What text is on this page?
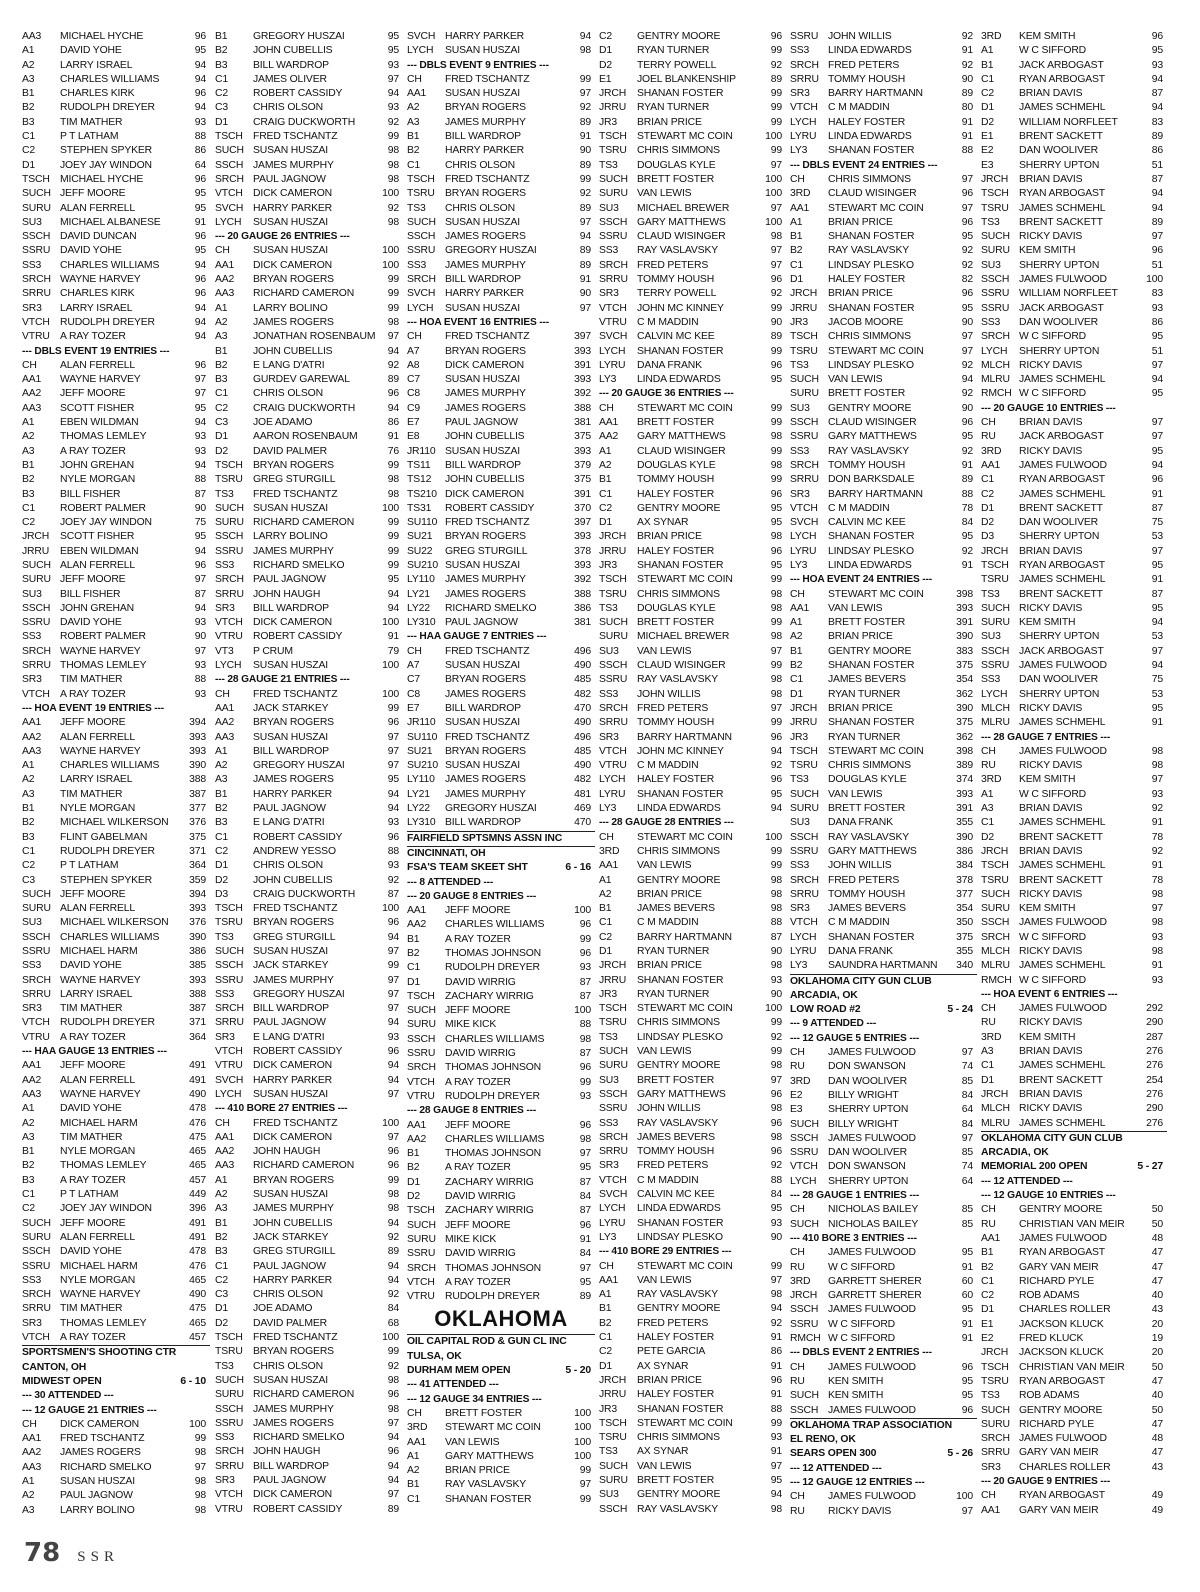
AA3 MICHAEL HYCHE	96
A1 DAVID YOHE	95
A2 LARRY ISRAEL	94
A3 CHARLES WILLIAMS	94
B1 CHARLES KIRK	96
B2 RUDOLPH DREYER	94
B3 TIM MATHER	93
C1 P T LATHAM	88
C2 STEPHEN SPYKER	86
D1 JOEY JAY WINDON	64
TSCH MICHAEL HYCHE	96
SUCH JEFF MOORE	95
SURU ALAN FERRELL	95
SU3 MICHAEL ALBANESE	91
SSCH DAVID DUNCAN	96
SSRU DAVID YOHE	95
SS3 CHARLES WILLIAMS	94
SRCH WAYNE HARVEY	96
SRRU CHARLES KIRK	96
SR3 LARRY ISRAEL	94
VTCH RUDOLPH DREYER	94
VTRU A RAY TOZER	94
--- DBLS EVENT 19 ENTRIES ---
CH ALAN FERRELL	96
AA1 WAYNE HARVEY	97
AA2 JEFF MOORE	97
AA3 SCOTT FISHER	95
A1 EBEN WILDMAN	94
A2 THOMAS LEMLEY	93
A3 A RAY TOZER	93
B1 JOHN GREHAN	94
B2 NYLE MORGAN	88
B3 BILL FISHER	87
C1 ROBERT PALMER	90
C2 JOEY JAY WINDON	75
JRCH SCOTT FISHER	95
JRRU EBEN WILDMAN	94
SUCH ALAN FERRELL	96
SURU JEFF MOORE	97
SU3 BILL FISHER	87
SSCH JOHN GREHAN	94
SSRU DAVID YOHE	93
SS3 ROBERT PALMER	90
SRCH WAYNE HARVEY	97
SRRU THOMAS LEMLEY	93
SR3 TIM MATHER	88
VTCH A RAY TOZER	93
--- HOA EVENT 19 ENTRIES ---
AA1 JEFF MOORE	394
AA2 ALAN FERRELL	393
AA3 WAYNE HARVEY	393
A1 CHARLES WILLIAMS	390
A2 LARRY ISRAEL	388
A3 TIM MATHER	387
B1 NYLE MORGAN	377
B2 MICHAEL WILKERSON 376
B3 FLINT GABELMAN	375
C1 RUDOLPH DREYER	371
C2 P T LATHAM	364
C3 STEPHEN SPYKER	359
SUCH JEFF MOORE	394
SURU ALAN FERRELL	393
SU3 MICHAEL WILKERSON 376
SSCH CHARLES WILLIAMS	390
SSRU MICHAEL HARM	386
SS3 DAVID YOHE	385
SRCH WAYNE HARVEY	393
SRRU LARRY ISRAEL	388
SR3 TIM MATHER	387
VTCH RUDOLPH DREYER	371
VTRU A RAY TOZER	364
--- HAA GAUGE 13 ENTRIES ---
AA1 JEFF MOORE	491
AA2 ALAN FERRELL	491
AA3 WAYNE HARVEY	490
A1 DAVID YOHE	478
A2 MICHAEL HARM	476
A3 TIM MATHER	475
B1 NYLE MORGAN	465
B2 THOMAS LEMLEY	465
B3 A RAY TOZER	457
C1 P T LATHAM	449
C2 JOEY JAY WINDON	396
SUCH JEFF MOORE	491
SURU ALAN FERRELL	491
SSCH DAVID YOHE	478
SSRU MICHAEL HARM	476
SS3 NYLE MORGAN	465
SRCH WAYNE HARVEY	490
SRRU TIM MATHER	475
SR3 THOMAS LEMLEY	465
VTCH A RAY TOZER	457
SPORTSMEN'S SHOOTING CTR
CANTON, OH
MIDWEST OPEN	6 - 10
--- 30 ATTENDED ---
--- 12 GAUGE 21 ENTRIES ---
CH DICK CAMERON	100
AA1 FRED TSCHANTZ	99
AA2 JAMES ROGERS	98
AA3 RICHARD SMELKO	97
A1 SUSAN HUSZAI	98
A2 PAUL JAGNOW	98
A3 LARRY BOLINO	98
B1 GREGORY HUSZAI	95
B2 JOHN CUBELLIS	95
B3 BILL WARDROP	93
C1 JAMES OLIVER	97
C2 ROBERT CASSIDY	94
C3 CHRIS OLSON	93
D1 CRAIG DUCKWORTH	92
TSCH FRED TSCHANTZ	99
SUCH SUSAN HUSZAI	98
SSCH JAMES MURPHY	98
SRCH PAUL JAGNOW	98
VTCH DICK CAMERON	100
SVCH HARRY PARKER	92
LYCH SUSAN HUSZAI	98
--- 20 GAUGE 26 ENTRIES ---
CH SUSAN HUSZAI	100
AA1 DICK CAMERON	100
AA2 BRYAN ROGERS	99
AA3 RICHARD CAMERON	99
A1 LARRY BOLINO	99
A2 JAMES ROGERS	98
A3 JONATHAN ROSENBAUM 97
B1 JOHN CUBELLIS	94
B2 E LANG D'ATRI	92
B3 GURDEV GAREWAL	89
C1 CHRIS OLSON	96
C2 CRAIG DUCKWORTH	94
C3 JOE ADAMO	86
D1 AARON ROSENBAUM	91
D2 DAVID PALMER	76
TSCH BRYAN ROGERS	99
TSRU GREG STURGILL	98
TS3 FRED TSCHANTZ	98
SUCH SUSAN HUSZAI	100
SURU RICHARD CAMERON	99
SSCH LARRY BOLINO	99
SSRU JAMES MURPHY	99
SS3 RICHARD SMELKO	99
SRCH PAUL JAGNOW	95
SRRU JOHN HAUGH	94
SR3 BILL WARDROP	94
VTCH DICK CAMERON	100
VTRU ROBERT CASSIDY	91
VT3 P CRUM	79
LYCH SUSAN HUSZAI	100
--- 28 GAUGE 21 ENTRIES ---
CH FRED TSCHANTZ	100
AA1 JACK STARKEY	99
AA2 BRYAN ROGERS	96
AA3 SUSAN HUSZAI	97
A1 BILL WARDROP	97
A2 GREGORY HUSZAI	97
A3 JAMES ROGERS	95
B1 HARRY PARKER	94
B2 PAUL JAGNOW	94
B3 E LANG D'ATRI	93
C1 ROBERT CASSIDY	96
C2 ANDREW YESSO	88
D1 CHRIS OLSON	93
D2 JOHN CUBELLIS	92
D3 CRAIG DUCKWORTH	87
TSCH FRED TSCHANTZ	100
TSRU BRYAN ROGERS	96
TS3 GREG STURGILL	94
SUCH SUSAN HUSZAI	97
SSCH JACK STARKEY	99
SSRU JAMES MURPHY	97
SS3 GREGORY HUSZAI	97
SRCH BILL WARDROP	97
SRRU PAUL JAGNOW	94
SR3 E LANG D'ATRI	93
VTCH ROBERT CASSIDY	96
VTRU DICK CAMERON	94
SVCH HARRY PARKER	94
LYCH SUSAN HUSZAI	97
--- 410 BORE 27 ENTRIES ---
CH FRED TSCHANTZ	100
AA1 DICK CAMERON	97
AA2 JOHN HAUGH	96
AA3 RICHARD CAMERON	96
A1 BRYAN ROGERS	99
A2 SUSAN HUSZAI	98
A3 JAMES MURPHY	98
B1 JOHN CUBELLIS	94
B2 JACK STARKEY	92
B3 GREG STURGILL	89
C1 PAUL JAGNOW	94
C2 HARRY PARKER	94
C3 CHRIS OLSON	92
D1 JOE ADAMO	84
D2 DAVID PALMER	68
TSCH FRED TSCHANTZ	100
TSRU BRYAN ROGERS	99
TS3 CHRIS OLSON	92
SUCH SUSAN HUSZAI	98
SURU RICHARD CAMERON	96
SSCH JAMES MURPHY	98
SSRU JAMES ROGERS	97
SS3 RICHARD SMELKO	94
SRCH JOHN HAUGH	96
SRRU BILL WARDROP	94
SR3 PAUL JAGNOW	94
VTCH DICK CAMERON	97
VTRU ROBERT CASSIDY	89
SVCH HARRY PARKER	94
LYCH SUSAN HUSZAI	98
--- DBLS EVENT 9 ENTRIES ---
CH FRED TSCHANTZ	99
AA1 SUSAN HUSZAI	97
A2 BRYAN ROGERS	92
A3 JAMES MURPHY	89
B1 BILL WARDROP	91
B2 HARRY PARKER	90
C1 CHRIS OLSON	89
TSCH FRED TSCHANTZ	99
TSRU BRYAN ROGERS	92
TS3 CHRIS OLSON	89
SUCH SUSAN HUSZAI	97
SSCH JAMES ROGERS	94
SSRU GREGORY HUSZAI	89
SS3 JAMES MURPHY	89
SRCH BILL WARDROP	91
SVCH HARRY PARKER	90
LYCH SUSAN HUSZAI	97
--- HOA EVENT 16 ENTRIES ---
CH FRED TSCHANTZ	397
A7 BRYAN ROGERS	393
A8 DICK CAMERON	391
C7 SUSAN HUSZAI	393
C8 JAMES MURPHY	392
C9 JAMES ROGERS	388
E7 PAUL JAGNOW	381
E8 JOHN CUBELLIS	375
JR110 SUSAN HUSZAI	393
TS11 BILL WARDROP	379
TS12 JOHN CUBELLIS	375
TS210 DICK CAMERON	391
TS31 ROBERT CASSIDY	370
SU110 FRED TSCHANTZ	397
SU21 BRYAN ROGERS	393
SU22 GREG STURGILL	378
SU210 SUSAN HUSZAI	393
LY110 JAMES MURPHY	392
LY21 JAMES ROGERS	388
LY22 RICHARD SMELKO	386
LY310 PAUL JAGNOW	381
--- HAA GAUGE 7 ENTRIES ---
CH FRED TSCHANTZ	496
A7 SUSAN HUSZAI	490
C7 BRYAN ROGERS	485
C8 JAMES ROGERS	482
E7 BILL WARDROP	470
JR110 SUSAN HUSZAI	490
SU110 FRED TSCHANTZ	496
SU21 BRYAN ROGERS	485
SU210 SUSAN HUSZAI	490
LY110 JAMES ROGERS	482
LY21 JAMES MURPHY	481
LY22 GREGORY HUSZAI	469
LY310 BILL WARDROP	470
FAIRFIELD SPTSMNS ASSN INC
CINCINNATI, OH
FSA'S TEAM SKEET SHT	6 - 16
--- 8 ATTENDED ---
--- 20 GAUGE 8 ENTRIES ---
AA1 JEFF MOORE	100
AA2 CHARLES WILLIAMS	96
B1 A RAY TOZER	99
B2 THOMAS JOHNSON	96
C1 RUDOLPH DREYER	93
D1 DAVID WIRRIG	87
TSCH ZACHARY WIRRIG	87
SUCH JEFF MOORE	100
SURU MIKE KICK	88
SSCH CHARLES WILLIAMS	98
SSRU DAVID WIRRIG	87
SRCH THOMAS JOHNSON	96
VTCH A RAY TOZER	99
VTRU RUDOLPH DREYER	93
--- 28 GAUGE 8 ENTRIES ---
AA1 JEFF MOORE	96
AA2 CHARLES WILLIAMS	98
B1 THOMAS JOHNSON	97
B2 A RAY TOZER	95
D1 ZACHARY WIRRIG	87
D2 DAVID WIRRIG	84
TSCH ZACHARY WIRRIG	87
SUCH JEFF MOORE	96
SURU MIKE KICK	91
SSRU DAVID WIRRIG	84
SRCH THOMAS JOHNSON	97
VTCH A RAY TOZER	95
VTRU RUDOLPH DREYER	89
OKLAHOMA
OIL CAPITAL ROD & GUN CL INC
TULSA, OK
DURHAM MEM OPEN	5 - 20
--- 41 ATTENDED ---
--- 12 GAUGE 34 ENTRIES ---
CH BRETT FOSTER	100
3RD STEWART MC COIN	100
AA1 VAN LEWIS	100
A1 GARY MATTHEWS	100
A2 BRIAN PRICE	99
B1 RAY VASLAVSKY	97
C1 SHANAN FOSTER	99
C2 GENTRY MOORE	96
D1 RYAN TURNER	99
D2 TERRY POWELL	92
E1 JOEL BLANKENSHIP	89
JRCH SHANAN FOSTER	99
JRRU RYAN TURNER	99
JR3 BRIAN PRICE	99
TSCH STEWART MC COIN	100
TSRU CHRIS SIMMONS	99
TS3 DOUGLAS KYLE	97
SUCH BRETT FOSTER	100
SURU VAN LEWIS	100
SU3 MICHAEL BREWER	97
SSCH GARY MATTHEWS	100
SSRU CLAUD WISINGER	98
SS3 RAY VASLAVSKY	97
SRCH FRED PETERS	97
SRRU TOMMY HOUSH	96
SR3 TERRY POWELL	92
VTCH JOHN MC KINNEY	99
VTRU C M MADDIN	90
SVCH CALVIN MC KEE	89
LYCH SHANAN FOSTER	99
LYRU DANA FRANK	96
LY3 LINDA EDWARDS	95
--- 20 GAUGE 36 ENTRIES ---
CH STEWART MC COIN	99
AA1 BRETT FOSTER	99
AA2 GARY MATTHEWS	98
A1 CLAUD WISINGER	99
A2 DOUGLAS KYLE	98
B1 TOMMY HOUSH	99
C1 HALEY FOSTER	96
C2 GENTRY MOORE	95
D1 AX SYNAR	95
JRCH BRIAN PRICE	98
JRRU HALEY FOSTER	96
JR3 SHANAN FOSTER	95
TSCH STEWART MC COIN	99
TSRU CHRIS SIMMONS	98
TS3 DOUGLAS KYLE	98
SUCH BRETT FOSTER	99
SURU MICHAEL BREWER	98
SU3 VAN LEWIS	97
SSCH CLAUD WISINGER	99
SSRU RAY VASLAVSKY	98
SS3 JOHN WILLIS	98
SRCH FRED PETERS	97
SRRU TOMMY HOUSH	99
SR3 BARRY HARTMANN	96
VTCH JOHN MC KINNEY	94
VTRU C M MADDIN	92
LYCH HALEY FOSTER	96
LYRU SHANAN FOSTER	95
LY3 LINDA EDWARDS	94
--- 28 GAUGE 28 ENTRIES ---
CH STEWART MC COIN	100
3RD CHRIS SIMMONS	99
AA1 VAN LEWIS	99
A1 GENTRY MOORE	98
A2 BRIAN PRICE	98
B1 JAMES BEVERS	98
C1 C M MADDIN	88
C2 BARRY HARTMANN	87
D1 RYAN TURNER	90
JRCH BRIAN PRICE	98
JRRU SHANAN FOSTER	93
JR3 RYAN TURNER	90
TSCH STEWART MC COIN	100
TSRU CHRIS SIMMONS	99
TS3 LINDSAY PLESKO	92
SUCH VAN LEWIS	99
SURU GENTRY MOORE	98
SU3 BRETT FOSTER	97
SSCH GARY MATTHEWS	96
SSRU JOHN WILLIS	98
SS3 RAY VASLAVSKY	96
SRCH JAMES BEVERS	98
SRRU TOMMY HOUSH	96
SR3 FRED PETERS	92
VTCH C M MADDIN	88
SVCH CALVIN MC KEE	84
LYCH LINDA EDWARDS	95
LYRU SHANAN FOSTER	93
LY3 LINDSAY PLESKO	90
--- 410 BORE 29 ENTRIES ---
CH STEWART MC COIN	99
AA1 VAN LEWIS	97
A1 RAY VASLAVSKY	98
B1 GENTRY MOORE	94
B2 FRED PETERS	92
C1 HALEY FOSTER	91
C2 PETE GARCIA	86
D1 AX SYNAR	91
JRCH BRIAN PRICE	96
JRRU HALEY FOSTER	91
JR3 SHANAN FOSTER	88
TSCH STEWART MC COIN	99
TSRU CHRIS SIMMONS	93
TS3 AX SYNAR	91
SUCH VAN LEWIS	97
SURU BRETT FOSTER	95
SU3 GENTRY MOORE	94
SSCH RAY VASLAVSKY	98
SSRU JOHN WILLIS	92
SS3 LINDA EDWARDS	91
SRCH FRED PETERS	92
SRRU TOMMY HOUSH	90
SR3 BARRY HARTMANN	89
VTCH C M MADDIN	80
LYCH HALEY FOSTER	91
LYRU LINDA EDWARDS	91
LY3 SHANAN FOSTER	88
--- DBLS EVENT 24 ENTRIES ---
CH CHRIS SIMMONS	97
3RD CLAUD WISINGER	96
AA1 STEWART MC COIN	97
A1 BRIAN PRICE	96
B1 SHANAN FOSTER	95
B2 RAY VASLAVSKY	92
C1 LINDSAY PLESKO	92
D1 HALEY FOSTER	82
JRCH BRIAN PRICE	96
JRRU SHANAN FOSTER	95
JR3 JACOB MOORE	90
TSCH CHRIS SIMMONS	97
TSRU STEWART MC COIN	97
TS3 LINDSAY PLESKO	92
SUCH VAN LEWIS	94
SURU BRETT FOSTER	92
SU3 GENTRY MOORE	90
SSCH CLAUD WISINGER	96
SSRU GARY MATTHEWS	95
SS3 RAY VASLAVSKY	92
SRCH TOMMY HOUSH	91
SRRU DON BARKSDALE	89
SR3 BARRY HARTMANN	88
VTCH C M MADDIN	78
SVCH CALVIN MC KEE	84
LYCH SHANAN FOSTER	95
LYRU LINDSAY PLESKO	92
LY3 LINDA EDWARDS	91
--- HOA EVENT 24 ENTRIES ---
CH STEWART MC COIN	398
AA1 VAN LEWIS	393
A1 BRETT FOSTER	391
A2 BRIAN PRICE	390
B1 GENTRY MOORE	383
B2 SHANAN FOSTER	375
C1 JAMES BEVERS	354
D1 RYAN TURNER	362
JRCH BRIAN PRICE	390
JRRU SHANAN FOSTER	375
JR3 RYAN TURNER	362
TSCH STEWART MC COIN	398
TSRU CHRIS SIMMONS	389
TS3 DOUGLAS KYLE	374
SUCH VAN LEWIS	393
SURU BRETT FOSTER	391
SU3 DANA FRANK	355
SSCH RAY VASLAVSKY	390
SSRU GARY MATTHEWS	386
SS3 JOHN WILLIS	384
SRCH FRED PETERS	378
SRRU TOMMY HOUSH	377
SR3 JAMES BEVERS	354
VTCH C M MADDIN	350
LYCH SHANAN FOSTER	375
LYRU DANA FRANK	355
LY3 SAUNDRA HARTMANN 340
OKLAHOMA CITY GUN CLUB
ARCADIA, OK
LOW ROAD #2	5 - 24
--- 9 ATTENDED ---
--- 12 GAUGE 5 ENTRIES ---
CH JAMES FULWOOD	97
RU DON SWANSON	74
3RD DAN WOOLIVER	85
E2 BILLY WRIGHT	84
E3 SHERRY UPTON	64
SUCH BILLY WRIGHT	84
SSCH JAMES FULWOOD	97
SSRU DAN WOOLIVER	85
VTCH DON SWANSON	74
LYCH SHERRY UPTON	64
--- 28 GAUGE 1 ENTRIES ---
CH NICHOLAS BAILEY	85
SUCH NICHOLAS BAILEY	85
--- 410 BORE 3 ENTRIES ---
CH JAMES FULWOOD	95
RU W C SIFFORD	91
3RD GARRETT SHERER	60
JRCH GARRETT SHERER	60
SSCH JAMES FULWOOD	95
SSRU W C SIFFORD	91
RMCH W C SIFFORD	91
--- DBLS EVENT 2 ENTRIES ---
CH JAMES FULWOOD	96
RU KEN SMITH	95
SUCH KEN SMITH	95
SSCH JAMES FULWOOD	96
OKLAHOMA TRAP ASSOCIATION
EL RENO, OK
SEARS OPEN 300	5 - 26
--- 12 ATTENDED ---
--- 12 GAUGE 12 ENTRIES ---
CH JAMES FULWOOD	100
RU RICKY DAVIS	97
3RD KEM SMITH	96
A1 W C SIFFORD	95
B1 JACK ARBOGAST	93
C1 RYAN ARBOGAST	94
C2 BRIAN DAVIS	87
D1 JAMES SCHMEHL	94
D2 WILLIAM NORFLEET	83
E1 BRENT SACKETT	89
E2 DAN WOOLIVER	86
E3 SHERRY UPTON	51
JRCH BRIAN DAVIS	87
TSCH RYAN ARBOGAST	94
TSRU JAMES SCHMEHL	94
TS3 BRENT SACKETT	89
SUCH RICKY DAVIS	97
SURU KEM SMITH	96
SU3 SHERRY UPTON	51
SSCH JAMES FULWOOD	100
SSRU WILLIAM NORFLEET	83
SSRU JACK ARBOGAST	93
SS3 DAN WOOLIVER	86
SRCH W C SIFFORD	95
LYCH SHERRY UPTON	51
MLCH RICKY DAVIS	97
MLRU JAMES SCHMEHL	94
RMCH W C SIFFORD	95
--- 20 GAUGE 10 ENTRIES ---
CH BRIAN DAVIS	97
RU JACK ARBOGAST	97
3RD RICKY DAVIS	95
AA1 JAMES FULWOOD	94
C1 RYAN ARBOGAST	96
C2 JAMES SCHMEHL	91
D1 BRENT SACKETT	87
D2 DAN WOOLIVER	75
D3 SHERRY UPTON	53
JRCH BRIAN DAVIS	97
TSCH RYAN ARBOGAST	95
TSRU JAMES SCHMEHL	91
TS3 BRENT SACKETT	87
SUCH RICKY DAVIS	95
SURU KEM SMITH	94
SU3 SHERRY UPTON	53
SSCH JACK ARBOGAST	97
SSRU JAMES FULWOOD	94
SS3 DAN WOOLIVER	75
LYCH SHERRY UPTON	53
MLCH RICKY DAVIS	95
MLRU JAMES SCHMEHL	91
--- 28 GAUGE 7 ENTRIES ---
CH JAMES FULWOOD	98
RU RICKY DAVIS	98
3RD KEM SMITH	97
A1 W C SIFFORD	93
A3 BRIAN DAVIS	92
C1 JAMES SCHMEHL	91
D2 BRENT SACKETT	78
JRCH BRIAN DAVIS	92
TSCH JAMES SCHMEHL	91
TSRU BRENT SACKETT	78
SUCH RICKY DAVIS	98
SURU KEM SMITH	97
SSCH JAMES FULWOOD	98
SRCH W C SIFFORD	93
MLCH RICKY DAVIS	98
MLRU JAMES SCHMEHL	91
RMCH W C SIFFORD	93
--- HOA EVENT 6 ENTRIES ---
CH JAMES FULWOOD	292
RU RICKY DAVIS	290
3RD KEM SMITH	287
A3 BRIAN DAVIS	276
C1 JAMES SCHMEHL	276
D1 BRENT SACKETT	254
JRCH BRIAN DAVIS	276
MLCH RICKY DAVIS	290
MLRU JAMES SCHMEHL	276
OKLAHOMA CITY GUN CLUB
ARCADIA, OK
MEMORIAL 200 OPEN	5 - 27
--- 12 ATTENDED ---
--- 12 GAUGE 10 ENTRIES ---
CH GENTRY MOORE	50
RU CHRISTIAN VAN MEIR	50
AA1 JAMES FULWOOD	48
B1 RYAN ARBOGAST	47
B2 GARY VAN MEIR	47
C1 RICHARD PYLE	47
C2 ROB ADAMS	40
D1 CHARLES ROLLER	43
E1 JACKSON KLUCK	20
E2 FRED KLUCK	19
JRCH JACKSON KLUCK	20
TSCH CHRISTIAN VAN MEIR	50
TSRU RYAN ARBOGAST	47
TS3 ROB ADAMS	40
SUCH GENTRY MOORE	50
SURU RICHARD PYLE	47
SRCH JAMES FULWOOD	48
SRRU GARY VAN MEIR	47
SR3 CHARLES ROLLER	43
--- 20 GAUGE 9 ENTRIES ---
CH RYAN ARBOGAST	49
AA1 GARY VAN MEIR	49
78 SSR
